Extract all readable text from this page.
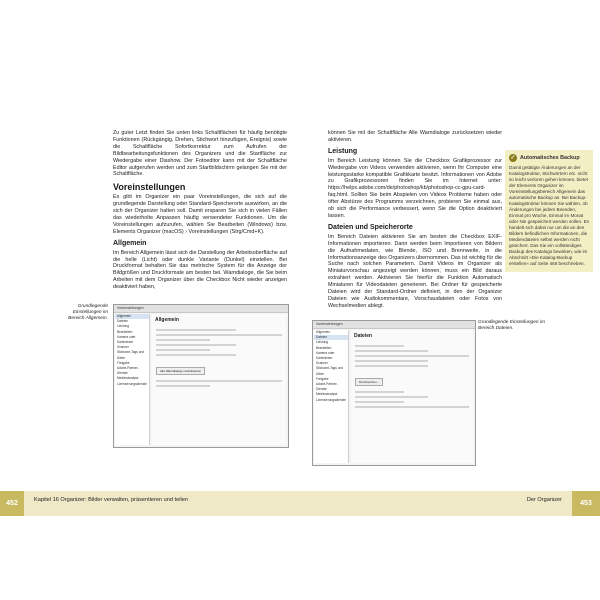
Zu guter Letzt finden Sie unten links Schaltflächen für häufig benötigte Funktionen (Rückgängig, Drehen, Stichwort hinzufügen, Ereignis) sowie die Schaltfläche Sofortkorrektur zum Aufrufen der Bildbearbeitungsfunktionen des Organizers und die Startfläche zur Wiedergabe einer Diashow. Der Fotoeditor kann mit der Schaltfläche Editor aufgerufen werden und zum Startbildschirm gelangen Sie mit der Schaltfläche.

Voreinstellungen

Es gibt im Organizer ein paar Voreinstellungen, die sich auf die grundlegende Darstellung oder Standard-Speicherorte auswirken, an die sich der Organizer halten soll. Damit ersparen Sie sich in vielen Fällen das wiederholte Anpassen häufig verwendeter Funktionen. Um die Voreinstellungen aufzurufen, wählen Sie Bearbeiten (Windows) bzw. Elements Organizer (macOS) › Voreinstellungen (Strg/Cmd+K).

Allgemein

Im Bereich Allgemein lässt sich die Darstellung der Arbeitsoberfläche auf die helle (Licht) oder dunkle Variante (Dunkel) einstellen. Bei Druckformat behalten Sie das metrische System für die Anzeige der Bildgrößen und Druckformate am besten bei. Warndialoge, die Sie beim Arbeiten mit dem Organizer über die Checkbox Nicht wieder anzeigen deaktiviert haben,

können Sie mit der Schaltfläche Alle Warndialoge zurücksetzen wieder aktivieren.

Leistung

Im Bereich Leistung können Sie die Checkbox Grafikprozessor zur Wiedergabe von Videos verwenden aktivieren, wenn Ihr Computer eine leistungsstarke kompatible Grafikkarte besitzt. Informationen von Adobe zu Grafikprozessoren finden Sie im Internet unter: https://helpx.adobe.com/de/photoshop/kb/photoshop-cc-gpu-card-faq.html. Sollten Sie beim Abspielen von Videos Probleme haben oder öfter Abstürze des Programms verzeichnen, probieren Sie einmal aus, ob sich die Performance verbessert, wenn Sie die Option deaktiviert lassen.

Dateien und Speicherorte

Im Bereich Dateien aktivieren Sie am besten die Checkbox EXIF-Informationen importieren. Dann werden beim Importieren von Bildern die Aufnahmedaten, wie Blende, ISO und Brennweite, in die Informationsanzeige des Organizers übernommen. Das ist wichtig für die Suche nach solchen Parametern. Damit Videos im Organizer als Miniaturvorschau angezeigt werden können, muss ein Bild daraus extrahiert werden. Aktivieren Sie hierfür die Funktion Automatisch Miniaturen für Videodateien generieren. Bei Ordner für gespeicherte Dateien wird der Standard-Ordner definiert, in den der Organizer Dateien wie Audiokommentare, Vorschaudateien oder Fotos von Wechselmedien ablegt.

✓ Automatisches Backup
Damit getätigte Änderungen an der Katalogstruktur, Stichwörtern etc. nicht so leicht verloren gehen können, bietet der Elements Organizer im Voreinstellungsbereich Allgemein das automatische Backup an. Bei Backup-Katalogstruktur können Sie wählen, ob Änderungen bei jedem Beenden, Einmal pro Woche, Einmal im Monat oder Nie gespeichert werden sollen. Es handelt sich dabei nur um die an den Bildern befindlichen Informationen, die Mediendateien selbst werden nicht gesichert. Das Sie ein vollständiges Backup des Katalogs bewirken, wie im Abschnitt »Die Katalog-Backup erstellen« auf Seite 466 beschrieben.
Grundlegende Einstellungen im Bereich Allgemein.
Grundlegende Einstellungen im Bereich Dateien.
Voreinstellungen
Allgemein
Dateien
Leistung
Bearbeiten
Kamera oder Kartenleser
Scanner
Stichwort-Tags und Alben
Freigabe
Adobe-Partner-Dienste
Medienanalyse
Lizenzierungsdienste
Allgemein
Alle Warndialoge zurücksetzen
Voreinstellungen
Allgemein
Dateien
Leistung
Bearbeiten
Kamera oder Kartenleser
Scanner
Stichwort-Tags und Alben
Freigabe
Adobe-Partner-Dienste
Medienanalyse
Lizenzierungsdienste
Dateien
Durchsuchen...
452	453
Kapitel 16 Organizer: Bilder verwalten, präsentieren und teilen	Der Organizer
